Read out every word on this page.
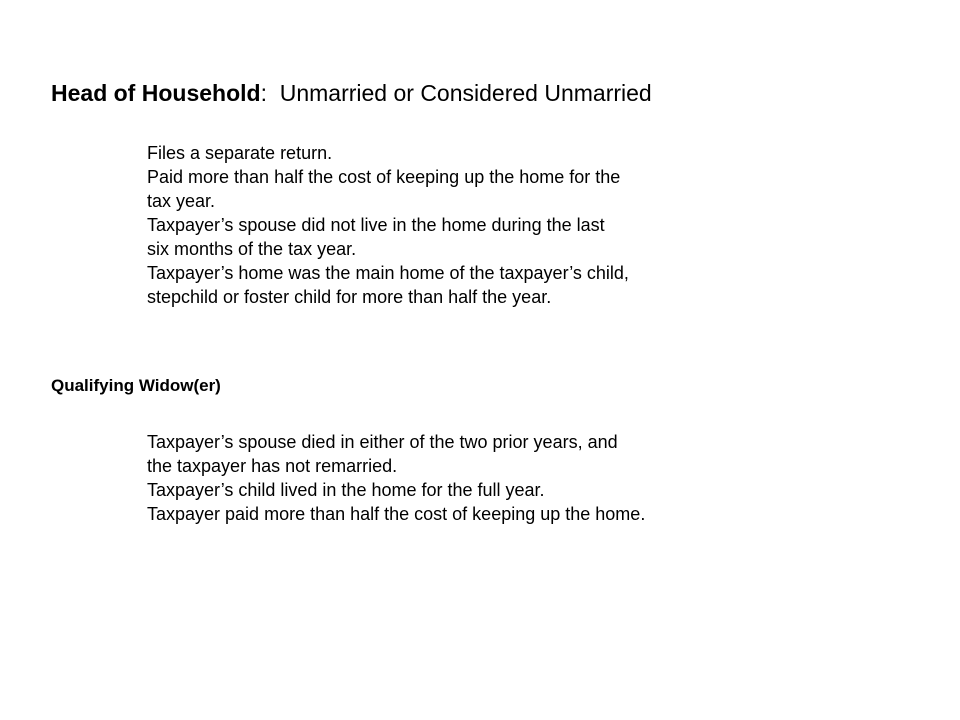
Head of Household:  Unmarried or Considered Unmarried
Files a separate return.
Paid more than half the cost of keeping up the home for the
tax year.
Taxpayer’s spouse did not live in the home during the last
six months of the tax year.
Taxpayer’s home was the main home of the taxpayer’s child,
stepchild or foster child for more than half the year.
Qualifying Widow(er)
Taxpayer’s spouse died in either of the two prior years, and
the taxpayer has not remarried.
Taxpayer’s child lived in the home for the full year.
Taxpayer paid more than half the cost of keeping up the home.
